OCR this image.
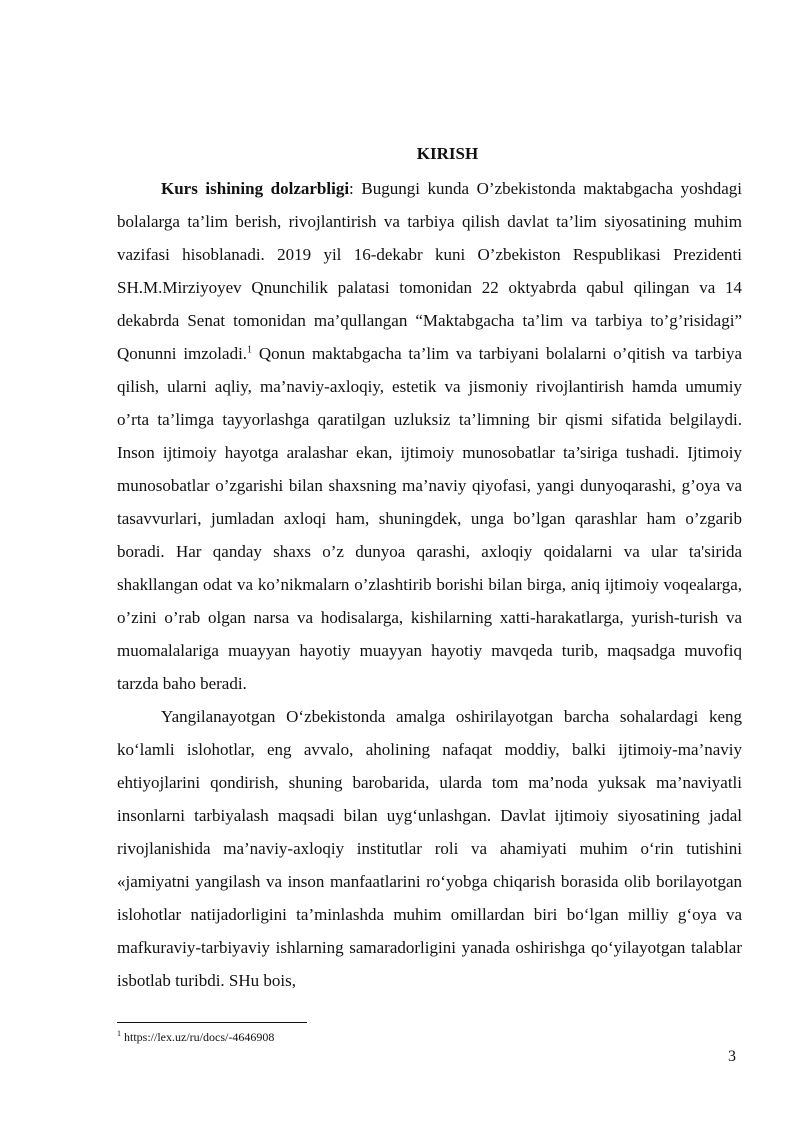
KIRISH

Kurs ishining dolzarbligi: Bugungi kunda O’zbekistonda maktabgacha yoshdagi bolalarga ta’lim berish, rivojlantirish va tarbiya qilish davlat ta’lim siyosatining muhim vazifasi hisoblanadi. 2019 yil 16-dekabr kuni O’zbekiston Respublikasi Prezidenti SH.M.Mirziyoyev Qnunchilik palatasi tomonidan 22 oktyabrda qabul qilingan va 14 dekabrda Senat tomonidan ma’qullangan “Maktabgacha ta’lim va tarbiya to’g’risidagi” Qonunni imzoladi.$^1$ Qonun maktabgacha ta’lim va tarbiyani bolalarni o’qitish va tarbiya qilish, ularni aqliy, ma’naviy-axloqiy, estetik va jismoniy rivojlantirish hamda umumiy o’rta ta’limga tayyorlashga qaratilgan uzluksiz ta’limning bir qismi sifatida belgilaydi. Inson ijtimoiy hayotga aralashar ekan, ijtimoiy munosobatlar ta’siriga tushadi. Ijtimoiy munosobatlar o’zgarishi bilan shaxsning ma’naviy qiyofasi, yangi dunyoqarashi, g’oya va tasavvurlari, jumladan axloqi ham, shuningdek, unga bo’lgan qarashlar ham o’zgarib boradi. Har qanday shaxs o’z dunyoa qarashi, axloqiy qoidalarni va ular ta'sirida shakllangan odat va ko’nikmalarn o’zlashtirib borishi bilan birga, aniq ijtimoiy voqealarga, o’zini o’rab olgan narsa va hodisalarga, kishilarning xatti-harakatlarga, yurish-turish va muomalalariga muayyan hayotiy muayyan hayotiy mavqeda turib, maqsadga muvofiq tarzda baho beradi.

Yangilanayotgan O‘zbekistonda amalga oshirilayotgan barcha sohalardagi keng ko‘lamli islohotlar, eng avvalo, aholining nafaqat moddiy, balki ijtimoiy-ma’naviy ehtiyojlarini qondirish, shuning barobarida, ularda tom ma’noda yuksak ma’naviyatli insonlarni tarbiyalash maqsadi bilan uyg‘unlashgan. Davlat ijtimoiy siyosatining jadal rivojlanishida ma’naviy-axloqiy institutlar roli va ahamiyati muhim o‘rin tutishini «jamiyatni yangilash va inson manfaatlarini ro‘yobga chiqarish borasida olib borilayotgan islohotlar natijadorligini ta’minlashda muhim omillardan biri bo‘lgan milliy g‘oya va mafkuraviy-tarbiyaviy ishlarning samaradorligini yanada oshirishga qo‘yilayotgan talablar isbotlab turibdi. SHu bois,

$^1$ https://lex.uz/ru/docs/-4646908
3
